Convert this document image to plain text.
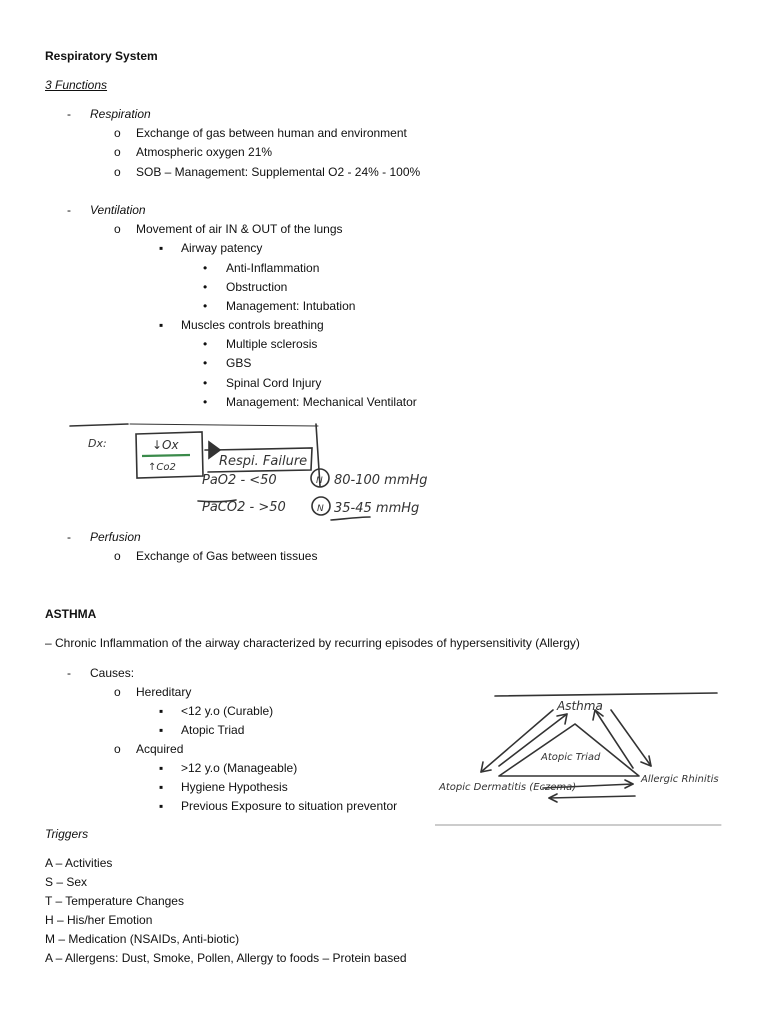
Respiratory System
3 Functions
- Respiration
o Exchange of gas between human and environment
o Atmospheric oxygen 21%
o SOB – Management: Supplemental O2 - 24% - 100%
- Ventilation
o Movement of air IN & OUT of the lungs
▪ Airway patency
• Anti-Inflammation
• Obstruction
• Management: Intubation
▪ Muscles controls breathing
• Multiple sclerosis
• GBS
• Spinal Cord Injury
• Management: Mechanical Ventilator
Dx:	↓Ox
↑Co2	Respi. Failure
PaO2 - <50	N 80-100 mmHg
PaCO2 - >50	N 35-45 mmHg
- Perfusion
o Exchange of Gas between tissues
ASTHMA
– Chronic Inflammation of the airway characterized by recurring episodes of hypersensitivity (Allergy)
- Causes:
o Hereditary
▪ <12 y.o (Curable)
▪ Atopic Triad
o Acquired
▪ >12 y.o (Manageable)
▪ Hygiene Hypothesis
▪ Previous Exposure to situation preventor
Asthma
Atopic Triad
Atopic Dermatitis (Eczema)
Allergic Rhinitis
Triggers
A – Activities
S – Sex
T – Temperature Changes
H – His/her Emotion
M – Medication (NSAIDs, Anti-biotic)
A – Allergens: Dust, Smoke, Pollen, Allergy to foods – Protein based
